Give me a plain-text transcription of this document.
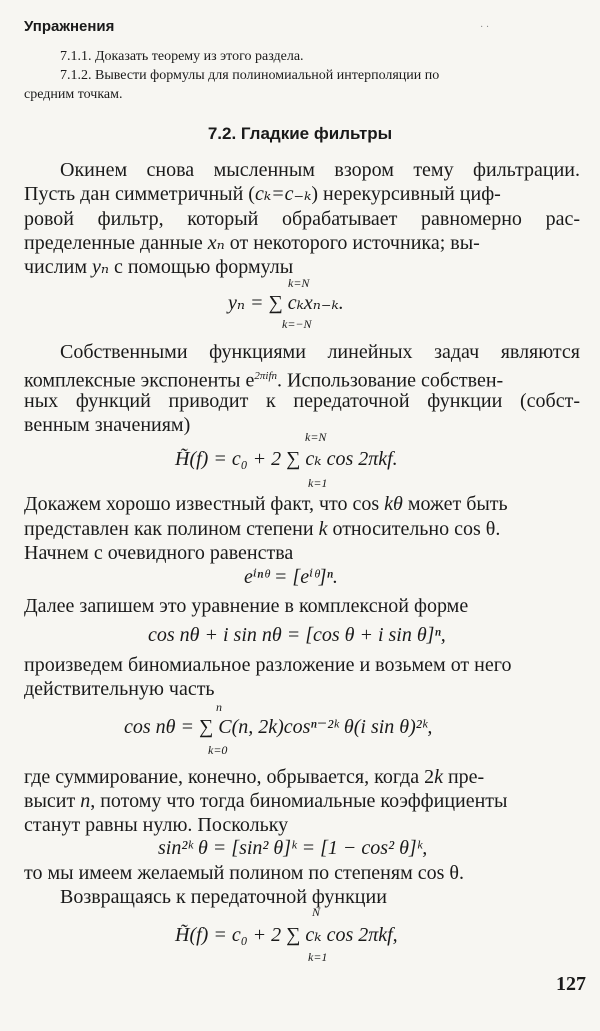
· ·
Упражнения
7.1.1. Доказать теорему из этого раздела.
7.1.2. Вывести формулы для полиномиальной интерполяции по
средним точкам.
7.2. Гладкие фильтры
Окинем снова мысленным взором тему фильтрации.
Пусть дан симметричный (cₖ=c₋ₖ) нерекурсивный циф-
ровой фильтр, который обрабатывает равномерно рас-
пределенные данные xₙ от некоторого источника; вы-
числим yₙ с помощью формулы
k=N
yₙ = ∑ cₖxₙ₋ₖ.
k=−N
Собственными функциями линейных задач являются
комплексные экспоненты $e^{2\pi ifn}$. Использование собствен-
ных функций приводит к передаточной функции (собст-
венным значениям)
k=N
H̃(f) = c₀ + 2 ∑ cₖ cos 2πkf.
k=1
Докажем хорошо известный факт, что cos kθ может быть
представлен как полином степени k относительно cos θ.
Начнем с очевидного равенства
eⁱⁿᶿ = [eⁱᶿ]ⁿ.
Далее запишем это уравнение в комплексной форме
cos nθ + i sin nθ = [cos θ + i sin θ]ⁿ,
произведем биномиальное разложение и возьмем от него
действительную часть
n
cos nθ = ∑ C(n, 2k)cosⁿ⁻²ᵏ θ(i sin θ)²ᵏ,
k=0
где суммирование, конечно, обрывается, когда 2k пре-
высит n, потому что тогда биномиальные коэффициенты
станут равны нулю. Поскольку
sin²ᵏ θ = [sin² θ]ᵏ = [1 − cos² θ]ᵏ,
то мы имеем желаемый полином по степеням cos θ.
Возвращаясь к передаточной функции
N
H̃(f) = c₀ + 2 ∑ cₖ cos 2πkf,
k=1
127
